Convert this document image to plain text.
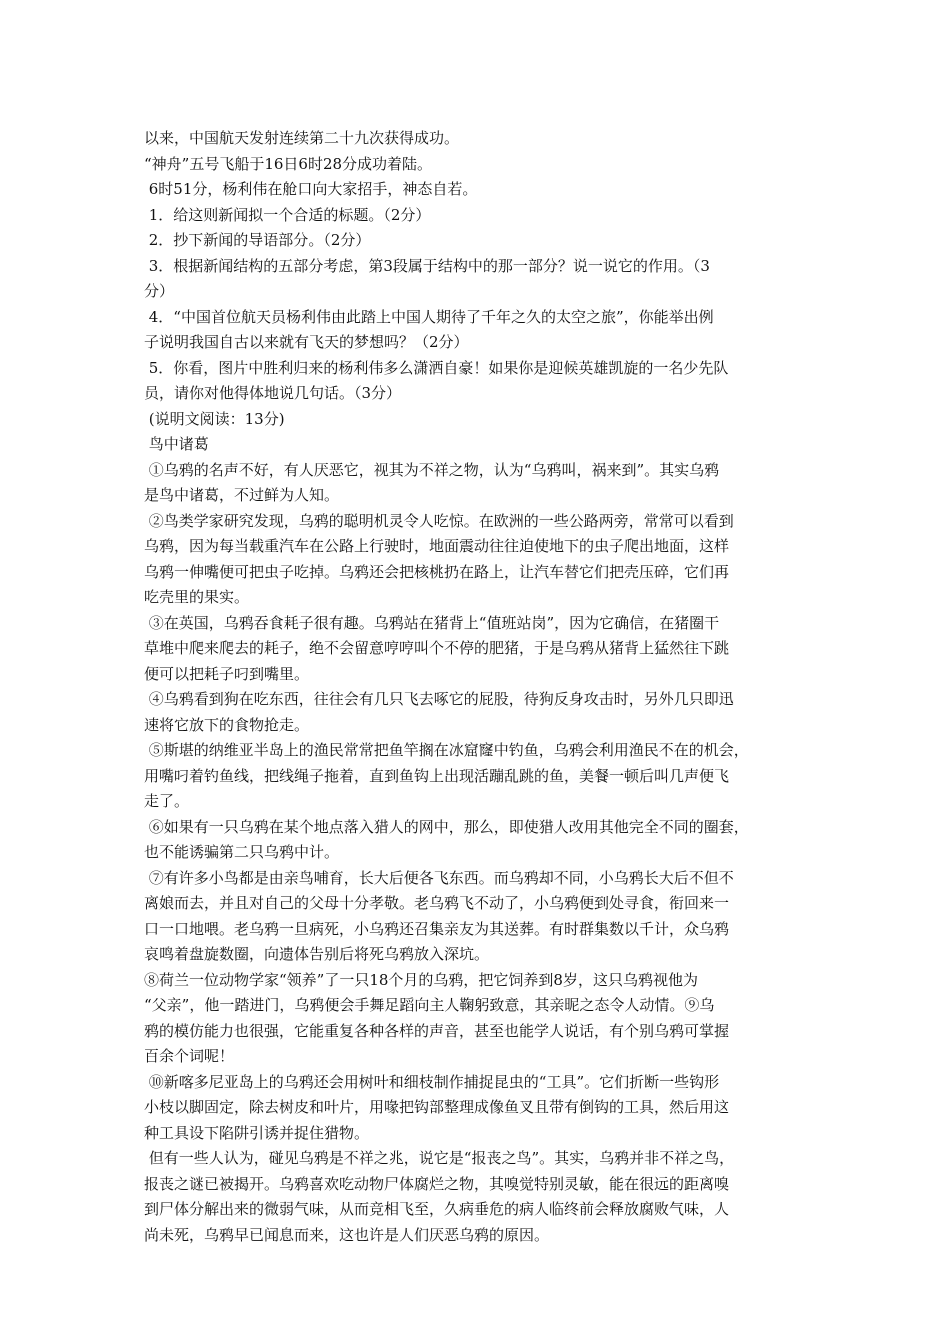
以来，中国航天发射连续第二十九次获得成功。

“神舟”五号飞船于16日6时28分成功着陆。

6时51分，杨利伟在舱口向大家招手，神态自若。

1．给这则新闻拟一个合适的标题。（2分）

2．抄下新闻的导语部分。（2分）

3．根据新闻结构的五部分考虑，第3段属于结构中的那一部分？说一说它的作用。（3

分）

4．“中国首位航天员杨利伟由此踏上中国人期待了千年之久的太空之旅”，你能举出例

子说明我国自古以来就有飞天的梦想吗？（2分）

5．你看，图片中胜利归来的杨利伟多么潇洒自豪！如果你是迎候英雄凯旋的一名少先队

员，请你对他得体地说几句话。（3分）

(说明文阅读：13分)

鸟中诸葛

①乌鸦的名声不好，有人厌恶它，视其为不祥之物，认为“乌鸦叫，祸来到”。其实乌鸦

是鸟中诸葛，不过鲜为人知。

②鸟类学家研究发现，乌鸦的聪明机灵令人吃惊。在欧洲的一些公路两旁，常常可以看到

乌鸦，因为每当载重汽车在公路上行驶时，地面震动往往迫使地下的虫子爬出地面，这样

乌鸦一伸嘴便可把虫子吃掉。乌鸦还会把核桃扔在路上，让汽车替它们把壳压碎，它们再

吃壳里的果实。

③在英国，乌鸦吞食耗子很有趣。乌鸦站在猪背上“值班站岗”，因为它确信，在猪圈干

草堆中爬来爬去的耗子，绝不会留意哼哼叫个不停的肥猪，于是乌鸦从猪背上猛然往下跳

便可以把耗子叼到嘴里。

④乌鸦看到狗在吃东西，往往会有几只飞去啄它的屁股，待狗反身攻击时，另外几只即迅

速将它放下的食物抢走。

⑤斯堪的纳维亚半岛上的渔民常常把鱼竿搁在冰窟窿中钓鱼，乌鸦会利用渔民不在的机会，

用嘴叼着钓鱼线，把线绳子拖着，直到鱼钩上出现活蹦乱跳的鱼，美餐一顿后叫几声便飞

走了。

⑥如果有一只乌鸦在某个地点落入猎人的网中，那么，即使猎人改用其他完全不同的圈套，

也不能诱骗第二只乌鸦中计。

⑦有许多小鸟都是由亲鸟哺育，长大后便各飞东西。而乌鸦却不同，小乌鸦长大后不但不

离娘而去，并且对自己的父母十分孝敬。老乌鸦飞不动了，小乌鸦便到处寻食，衔回来一

口一口地喂。老乌鸦一旦病死，小乌鸦还召集亲友为其送葬。有时群集数以千计，众乌鸦

哀鸣着盘旋数圈，向遗体告别后将死乌鸦放入深坑。

⑧荷兰一位动物学家“领养”了一只18个月的乌鸦，把它饲养到8岁，这只乌鸦视他为

“父亲”，他一踏进门，乌鸦便会手舞足蹈向主人鞠躬致意，其亲昵之态令人动情。⑨乌

鸦的模仿能力也很强，它能重复各种各样的声音，甚至也能学人说话，有个别乌鸦可掌握

百余个词呢！

⑩新喀多尼亚岛上的乌鸦还会用树叶和细枝制作捕捉昆虫的“工具”。它们折断一些钩形

小枝以脚固定，除去树皮和叶片，用喙把钩部整理成像鱼叉且带有倒钩的工具，然后用这

种工具设下陷阱引诱并捉住猎物。

但有一些人认为，碰见乌鸦是不祥之兆，说它是“报丧之鸟”。其实，乌鸦并非不祥之鸟，

报丧之谜已被揭开。乌鸦喜欢吃动物尸体腐烂之物，其嗅觉特别灵敏，能在很远的距离嗅

到尸体分解出来的微弱气味，从而竞相飞至，久病垂危的病人临终前会释放腐败气味，人

尚未死，乌鸦早已闻息而来，这也许是人们厌恶乌鸦的原因。
